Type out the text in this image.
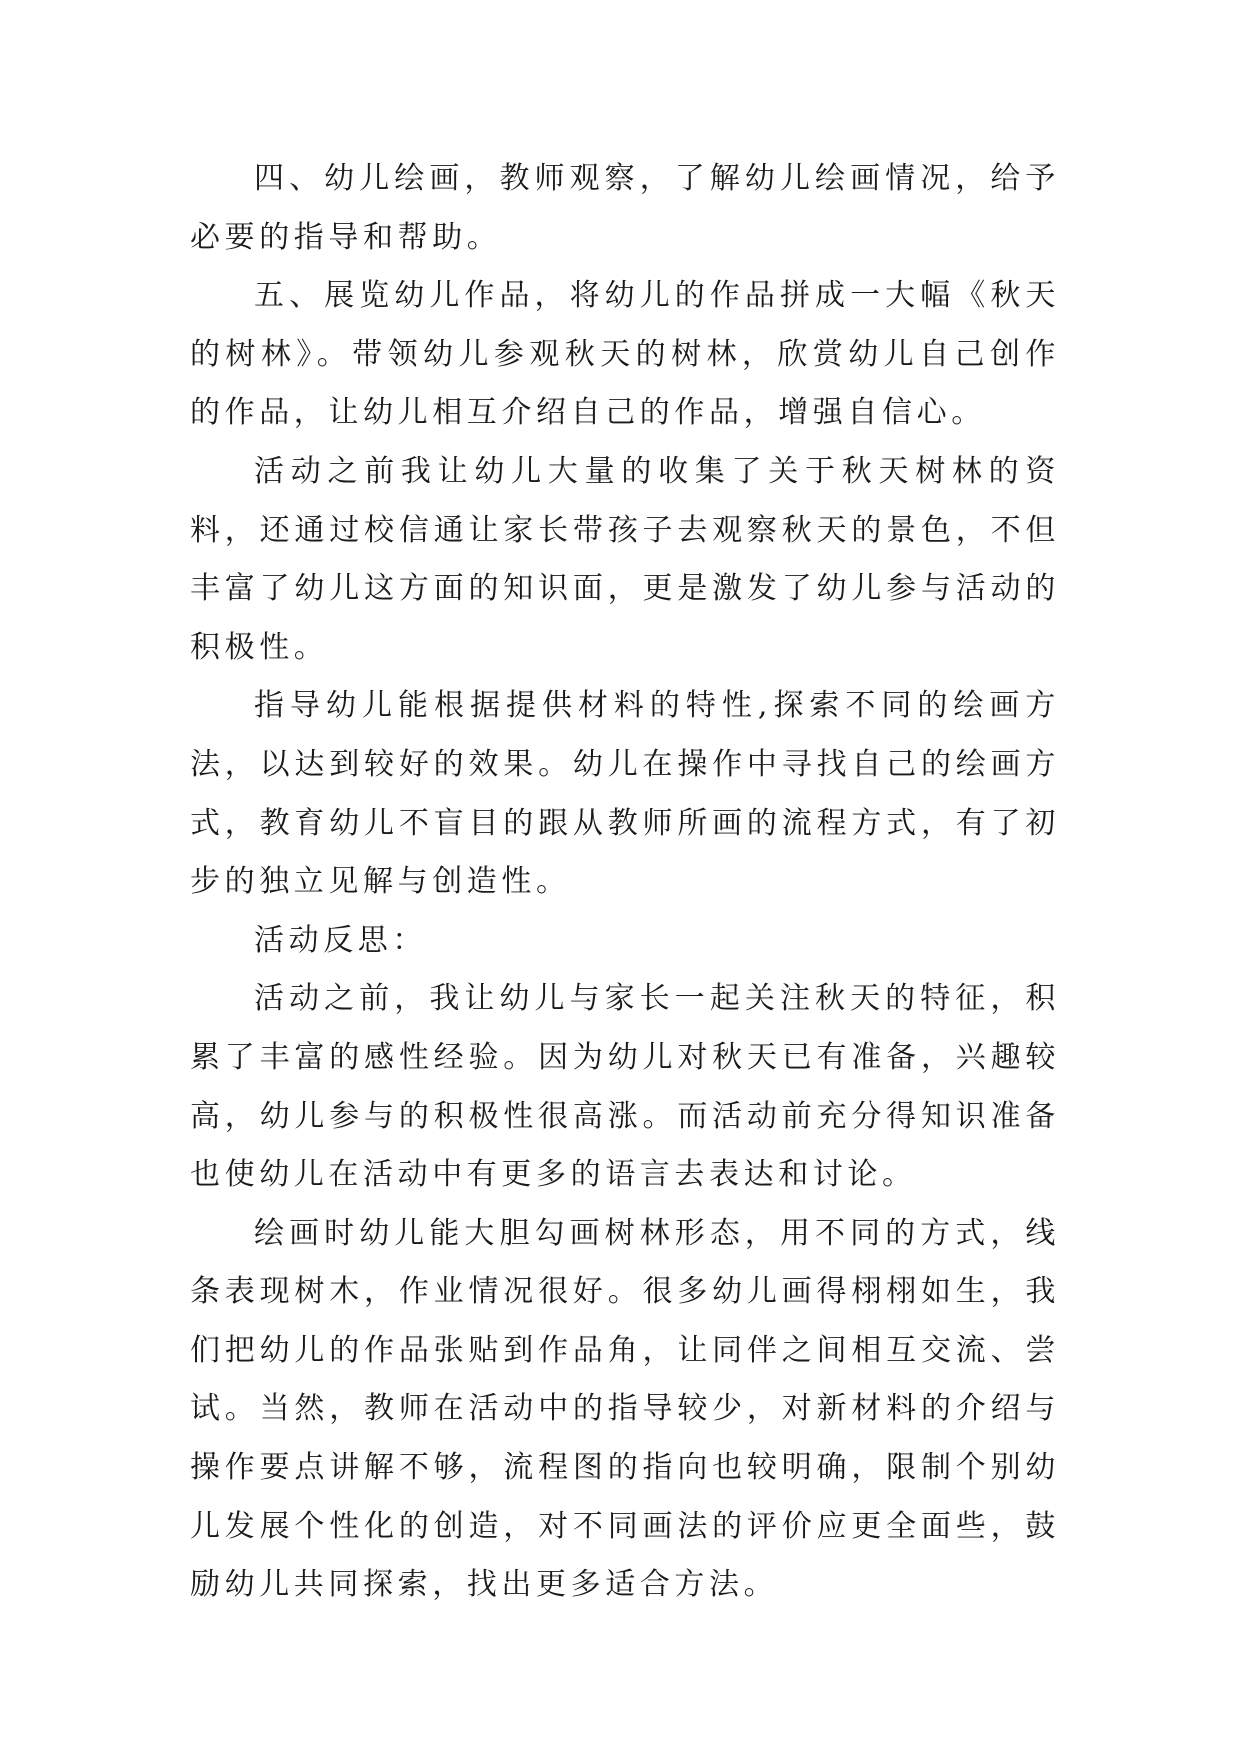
四、幼儿绘画，教师观察，了解幼儿绘画情况，给予必要的指导和帮助。

五、展览幼儿作品，将幼儿的作品拼成一大幅《秋天的树林》。带领幼儿参观秋天的树林，欣赏幼儿自己创作的作品，让幼儿相互介绍自己的作品，增强自信心。

活动之前我让幼儿大量的收集了关于秋天树林的资料，还通过校信通让家长带孩子去观察秋天的景色，不但丰富了幼儿这方面的知识面，更是激发了幼儿参与活动的积极性。

指导幼儿能根据提供材料的特性,探索不同的绘画方法，以达到较好的效果。幼儿在操作中寻找自己的绘画方式，教育幼儿不盲目的跟从教师所画的流程方式，有了初步的独立见解与创造性。

活动反思：

活动之前，我让幼儿与家长一起关注秋天的特征，积累了丰富的感性经验。因为幼儿对秋天已有准备，兴趣较高，幼儿参与的积极性很高涨。而活动前充分得知识准备也使幼儿在活动中有更多的语言去表达和讨论。

绘画时幼儿能大胆勾画树林形态，用不同的方式，线条表现树木，作业情况很好。很多幼儿画得栩栩如生，我们把幼儿的作品张贴到作品角，让同伴之间相互交流、尝试。当然，教师在活动中的指导较少，对新材料的介绍与操作要点讲解不够，流程图的指向也较明确，限制个别幼儿发展个性化的创造，对不同画法的评价应更全面些，鼓励幼儿共同探索，找出更多适合方法。
